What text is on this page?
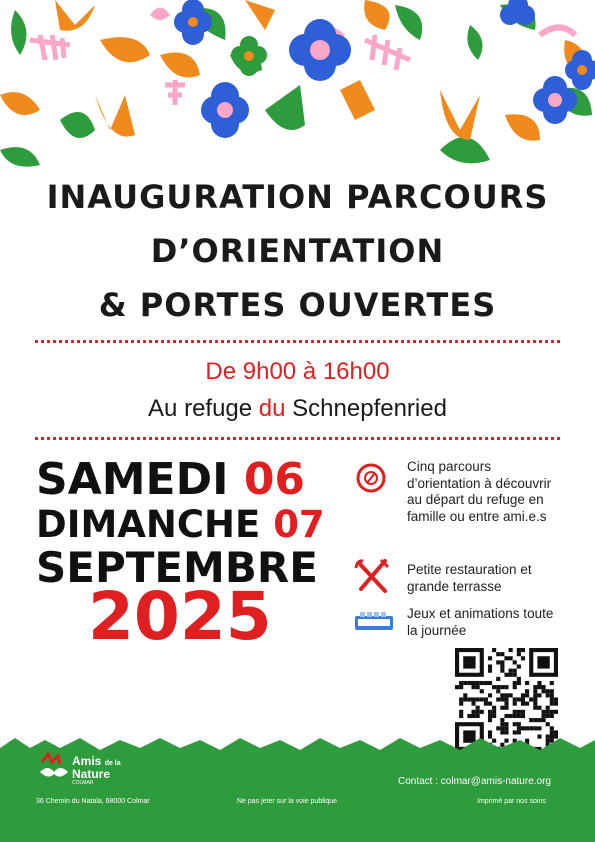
INAUGURATION PARCOURS
D’ORIENTATION
& PORTES OUVERTES
De 9h00 à 16h00
Au refuge du Schnepfenried
SAMEDI 06
DIMANCHE 07
SEPTEMBRE
2025
Cinq parcours d’orientation à découvrir au départ du refuge en famille ou entre ami.e.s
Petite restauration et grande terrasse
Jeux et animations toute la journée
Amis de la
Nature
COLMAR	Contact : colmar@amis-nature.org
36 Chemin du Natala, 68000 Colmar	Ne pas jeter sur la voie publique	Imprimé par nos soins
